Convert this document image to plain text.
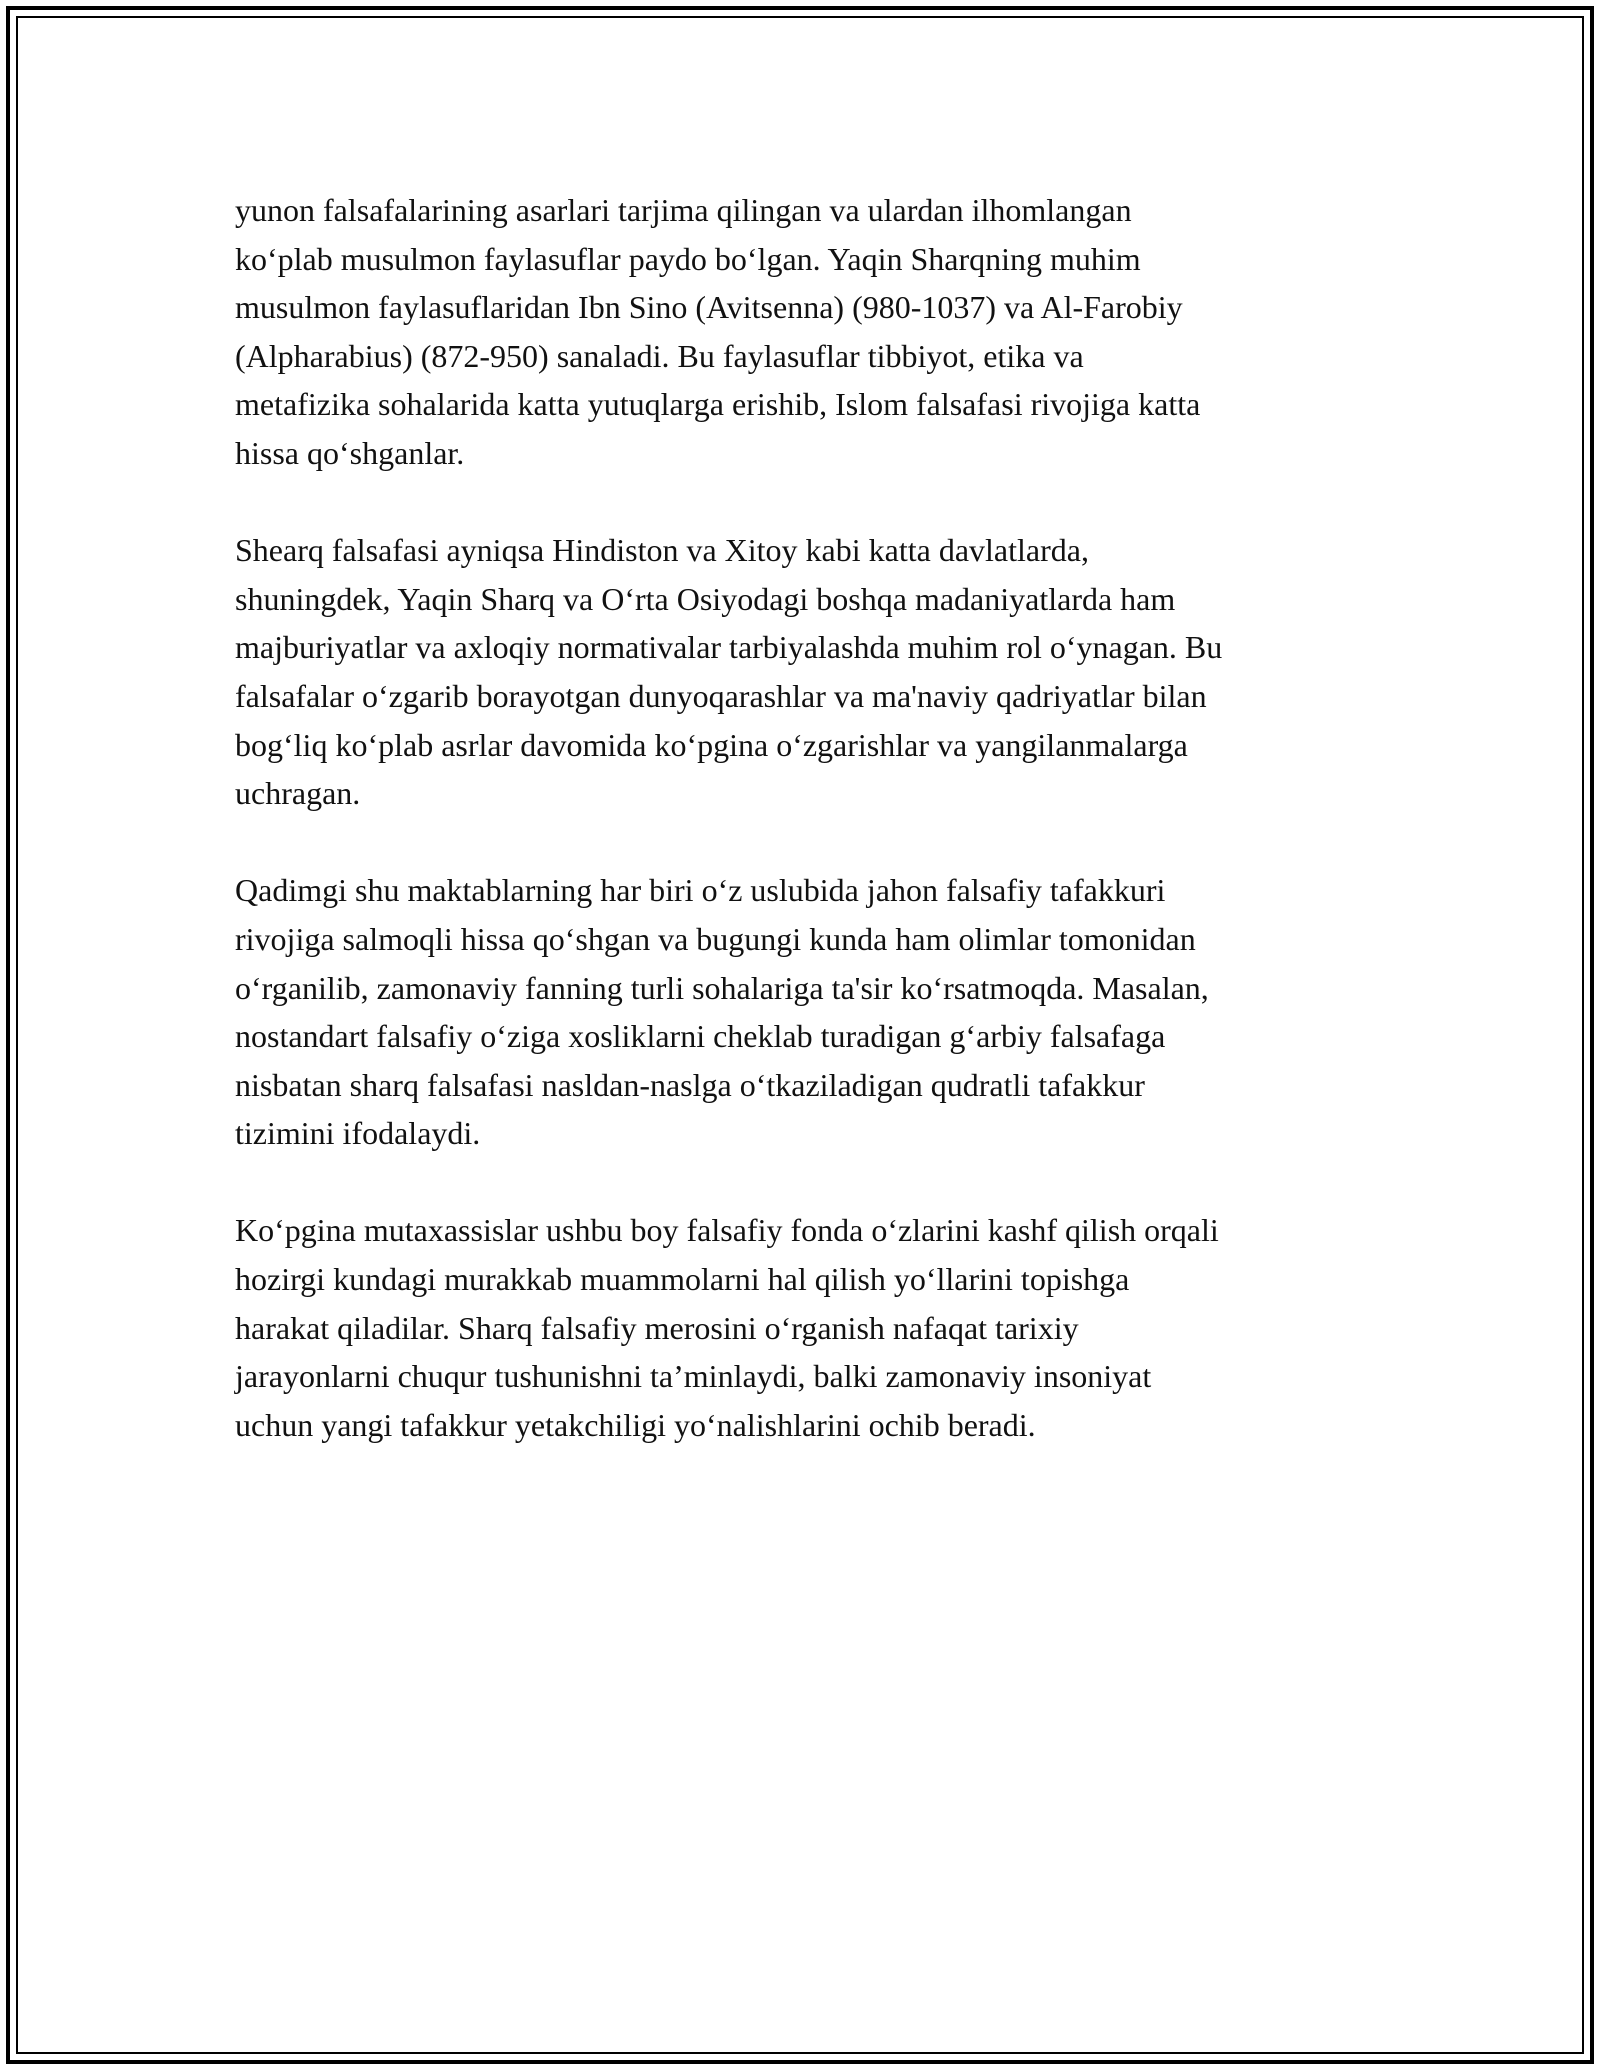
yunon falsafalarining asarlari tarjima qilingan va ulardan ilhomlangan
ko‘plab musulmon faylasuflar paydo bo‘lgan. Yaqin Sharqning muhim
musulmon faylasuflaridan Ibn Sino (Avitsenna) (980-1037) va Al-Farobiy
(Alpharabius) (872-950) sanaladi. Bu faylasuflar tibbiyot, etika va
metafizika sohalarida katta yutuqlarga erishib, Islom falsafasi rivojiga katta
hissa qo‘shganlar.

Shearq falsafasi ayniqsa Hindiston va Xitoy kabi katta davlatlarda,
shuningdek, Yaqin Sharq va O‘rta Osiyodagi boshqa madaniyatlarda ham
majburiyatlar va axloqiy normativalar tarbiyalashda muhim rol o‘ynagan. Bu
falsafalar o‘zgarib borayotgan dunyoqarashlar va ma'naviy qadriyatlar bilan
bog‘liq ko‘plab asrlar davomida ko‘pgina o‘zgarishlar va yangilanmalarga
uchragan.

Qadimgi shu maktablarning har biri o‘z uslubida jahon falsafiy tafakkuri
rivojiga salmoqli hissa qo‘shgan va bugungi kunda ham olimlar tomonidan
o‘rganilib, zamonaviy fanning turli sohalariga ta'sir ko‘rsatmoqda. Masalan,
nostandart falsafiy o‘ziga xosliklarni cheklab turadigan g‘arbiy falsafaga
nisbatan sharq falsafasi nasldan-naslga o‘tkaziladigan qudratli tafakkur
tizimini ifodalaydi.

Ko‘pgina mutaxassislar ushbu boy falsafiy fonda o‘zlarini kashf qilish orqali
hozirgi kundagi murakkab muammolarni hal qilish yo‘llarini topishga
harakat qiladilar. Sharq falsafiy merosini o‘rganish nafaqat tarixiy
jarayonlarni chuqur tushunishni ta’minlaydi, balki zamonaviy insoniyat
uchun yangi tafakkur yetakchiligi yo‘nalishlarini ochib beradi.
